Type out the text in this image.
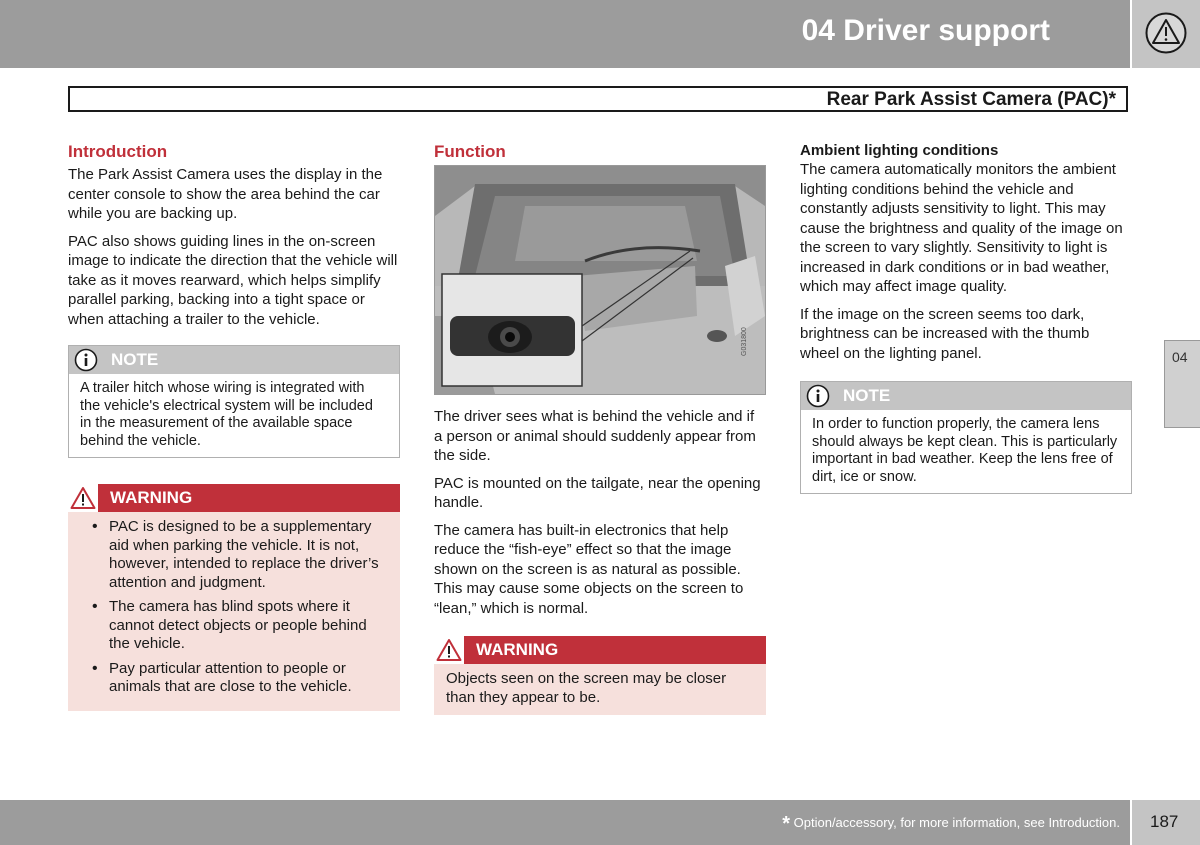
04 Driver support
Rear Park Assist Camera (PAC)*
04
Introduction

The Park Assist Camera uses the display in the center console to show the area behind the car while you are backing up.

PAC also shows guiding lines in the on-screen image to indicate the direction that the vehicle will take as it moves rearward, which helps simplify parallel parking, backing into a tight space or when attaching a trailer to the vehicle.

NOTE
A trailer hitch whose wiring is integrated with the vehicle's electrical system will be included in the measurement of the available space behind the vehicle.
WARNING
• PAC is designed to be a supplementary aid when parking the vehicle. It is not, however, intended to replace the driver’s attention and judgment.
• The camera has blind spots where it cannot detect objects or people behind the vehicle.
• Pay particular attention to people or animals that are close to the vehicle.
Function
G031800

The driver sees what is behind the vehicle and if a person or animal should suddenly appear from the side.

PAC is mounted on the tailgate, near the opening handle.

The camera has built-in electronics that help reduce the “fish-eye” effect so that the image shown on the screen is as natural as possible. This may cause some objects on the screen to “lean,” which is normal.

WARNING
Objects seen on the screen may be closer than they appear to be.
Ambient lighting conditions

The camera automatically monitors the ambient lighting conditions behind the vehicle and constantly adjusts sensitivity to light. This may cause the brightness and quality of the image on the screen to vary slightly. Sensitivity to light is increased in dark conditions or in bad weather, which may affect image quality.

If the image on the screen seems too dark, brightness can be increased with the thumb wheel on the lighting panel.

NOTE
In order to function properly, the camera lens should always be kept clean. This is particularly important in bad weather. Keep the lens free of dirt, ice or snow.
* Option/accessory, for more information, see Introduction. 187
